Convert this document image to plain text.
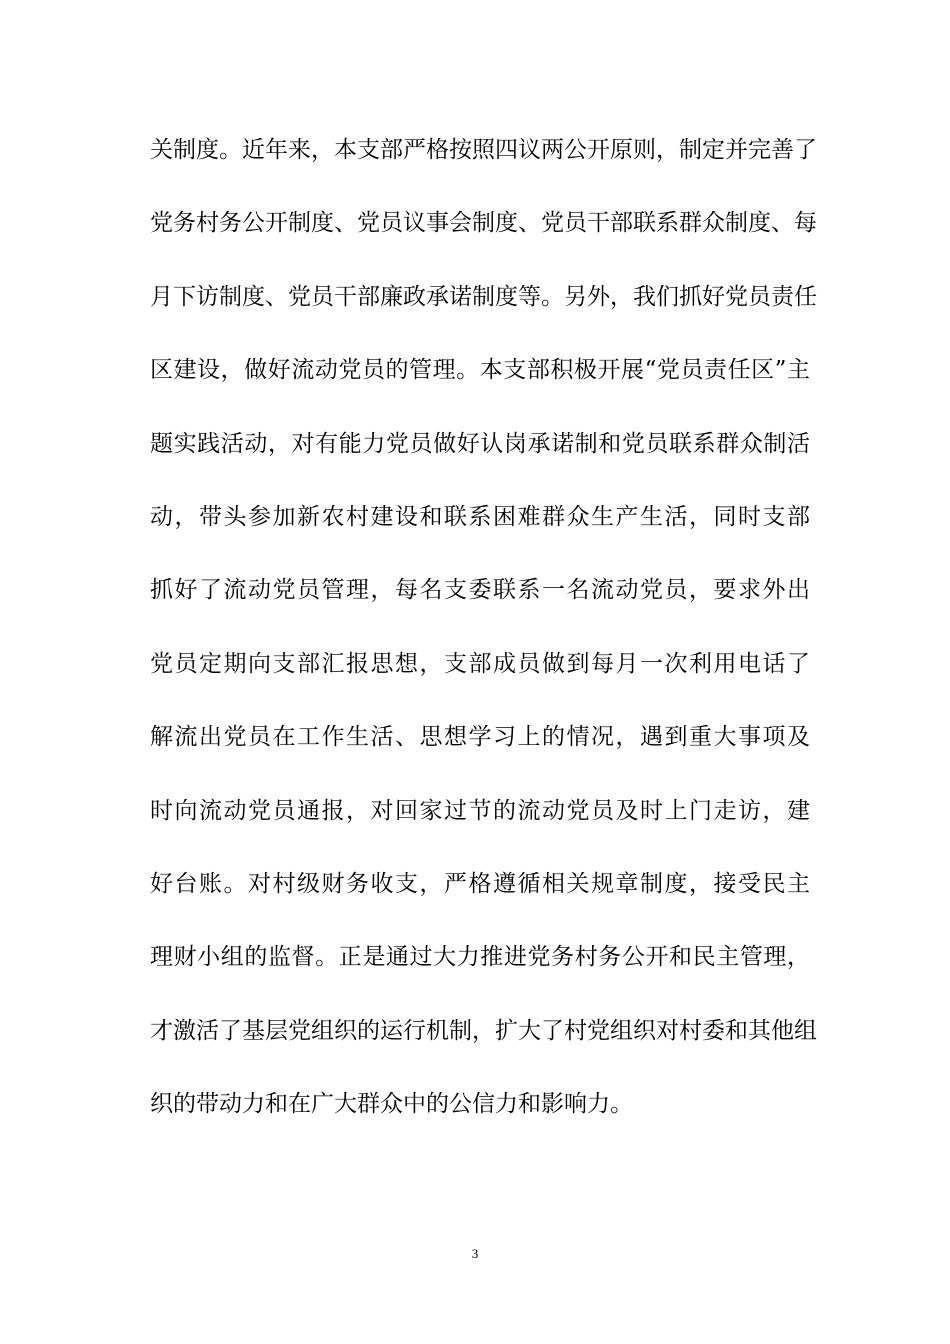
关制度。近年来，本支部严格按照四议两公开原则，制定并完善了
党务村务公开制度、党员议事会制度、党员干部联系群众制度、每
月下访制度、党员干部廉政承诺制度等。另外，我们抓好党员责任
区建设，做好流动党员的管理。本支部积极开展“党员责任区”主
题实践活动，对有能力党员做好认岗承诺制和党员联系群众制活
动，带头参加新农村建设和联系困难群众生产生活，同时支部
抓好了流动党员管理，每名支委联系一名流动党员，要求外出
党员定期向支部汇报思想，支部成员做到每月一次利用电话了
解流出党员在工作生活、思想学习上的情况，遇到重大事项及
时向流动党员通报，对回家过节的流动党员及时上门走访，建
好台账。对村级财务收支，严格遵循相关规章制度，接受民主
理财小组的监督。正是通过大力推进党务村务公开和民主管理，
才激活了基层党组织的运行机制，扩大了村党组织对村委和其他组
织的带动力和在广大群众中的公信力和影响力。
3
